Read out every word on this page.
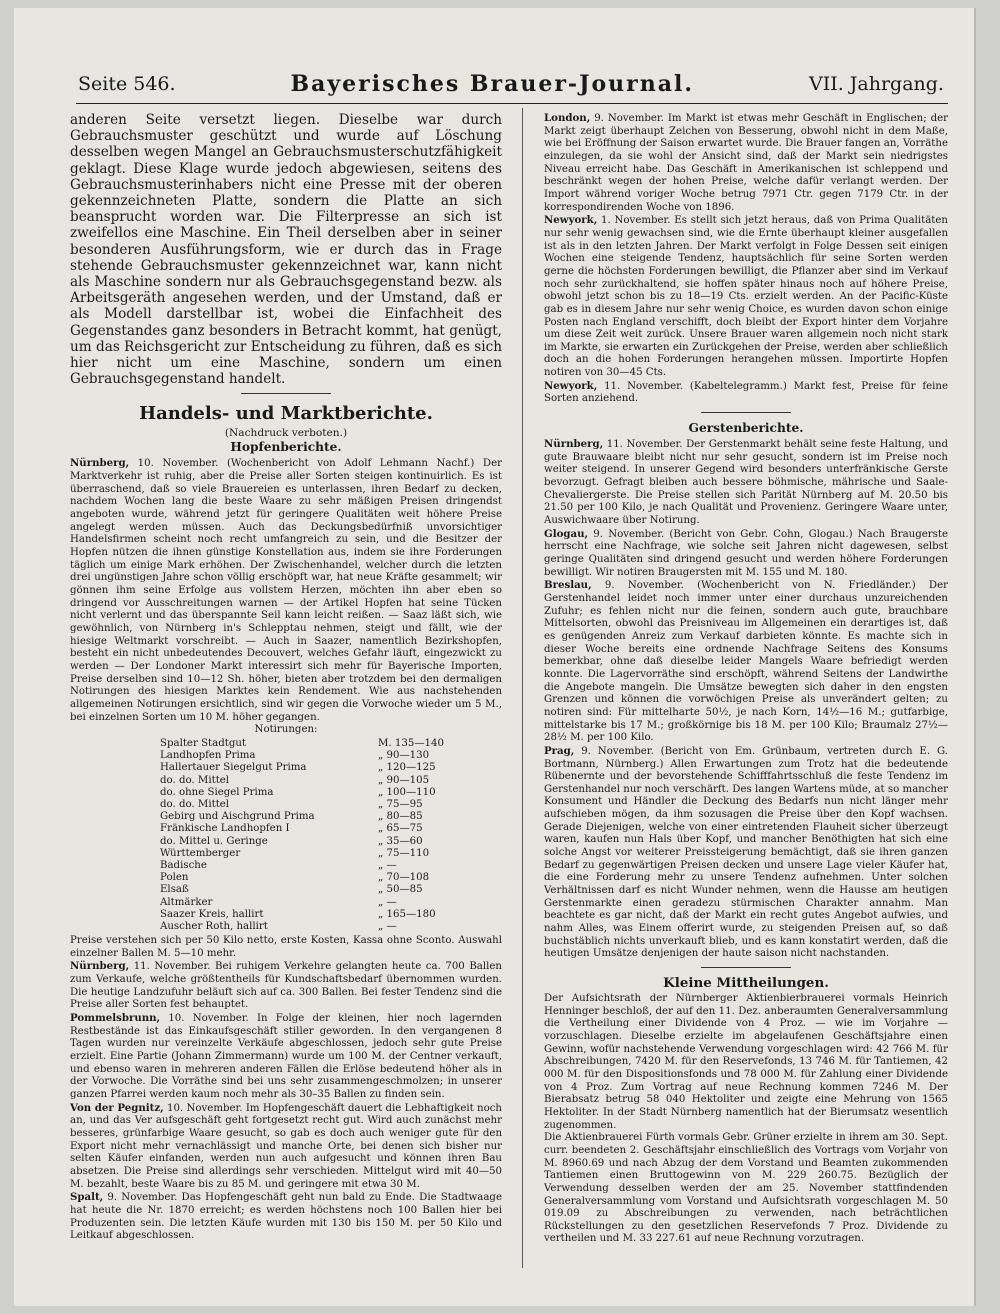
Seite 546.	Bayerisches Brauer-Journal.	VII. Jahrgang.

anderen Seite versetzt liegen. Dieselbe war durch Gebrauchsmuster geschützt und wurde auf Löschung desselben wegen Mangel an Gebrauchsmusterschutzfähigkeit geklagt. Diese Klage wurde jedoch abgewiesen, seitens des Gebrauchsmusterinhabers nicht eine Presse mit der oberen gekennzeichneten Platte, sondern die Platte an sich beansprucht worden war. Die Filterpresse an sich ist zweifellos eine Maschine. Ein Theil derselben aber in seiner besonderen Ausführungsform, wie er durch das in Frage stehende Gebrauchsmuster gekennzeichnet war, kann nicht als Maschine sondern nur als Gebrauchsgegenstand bezw. als Arbeitsgeräth angesehen werden, und der Umstand, daß er als Modell darstellbar ist, wobei die Einfachheit des Gegenstandes ganz besonders in Betracht kommt, hat genügt, um das Reichsgericht zur Entscheidung zu führen, daß es sich hier nicht um eine Maschine, sondern um einen Gebrauchsgegenstand handelt.

Handels- und Marktberichte.
(Nachdruck verboten.)
Hopfenberichte.

Nürnberg, 10. November. (Wochenbericht von Adolf Lehmann Nachf.) Der Marktverkehr ist ruhig, aber die Preise aller Sorten steigen kontinuirlich. Es ist überraschend, daß so viele Brauereien es unterlassen, ihren Bedarf zu decken, nachdem Wochen lang die beste Waare zu sehr mäßigen Preisen dringendst angeboten wurde, während jetzt für geringere Qualitäten weit höhere Preise angelegt werden müssen. Auch das Deckungsbedürfniß unvorsichtiger Handelsfirmen scheint noch recht umfangreich zu sein, und die Besitzer der Hopfen nützen die ihnen günstige Konstellation aus, indem sie ihre Forderungen täglich um einige Mark erhöhen. Der Zwischenhandel, welcher durch die letzten drei ungünstigen Jahre schon völlig erschöpft war, hat neue Kräfte gesammelt; wir gönnen ihm seine Erfolge aus vollstem Herzen, möchten ihn aber eben so dringend vor Ausschreitungen warnen — der Artikel Hopfen hat seine Tücken nicht verlernt und das überspannte Seil kann leicht reißen. — Saaz läßt sich, wie gewöhnlich, von Nürnberg in's Schlepptau nehmen, steigt und fällt, wie der hiesige Weltmarkt vorschreibt. — Auch in Saazer, namentlich Bezirkshopfen, besteht ein nicht unbedeutendes Decouvert, welches Gefahr läuft, eingezwickt zu werden — Der Londoner Markt interessirt sich mehr für Bayerische Importen, Preise derselben sind 10—12 Sh. höher, bieten aber trotzdem bei den dermaligen Notirungen des hiesigen Marktes kein Rendement. Wie aus nachstehenden allgemeinen Notirungen ersichtlich, sind wir gegen die Vorwoche wieder um 5 M., bei einzelnen Sorten um 10 M. höher gegangen.

Notirungen:
Spalter Stadtgut	M. 135—140
Landhopfen Prima	„ 90—130
Hallertauer Siegelgut Prima	„ 120—125
do. do. Mittel	„ 90—105
do. ohne Siegel Prima	„ 100—110
do. do. Mittel	„ 75—95
Gebirg und Aischgrund Prima	„ 80—85
Fränkische Landhopfen I	„ 65—75
do. Mittel u. Geringe	„ 35—60
Württemberger	„ 75—110
Badische	„ —
Polen	„ 70—108
Elsaß	„ 50—85
Altmärker	„ —
Saazer Kreis, hallirt	„ 165—180
Auscher Roth, hallirt	„ —

Preise verstehen sich per 50 Kilo netto, erste Kosten, Kassa ohne Sconto. Auswahl einzelner Ballen M. 5—10 mehr.

Nürnberg, 11. November. Bei ruhigem Verkehre gelangten heute ca. 700 Ballen zum Verkaufe, welche größtentheils für Kundschaftsbedarf übernommen wurden. Die heutige Landzufuhr beläuft sich auf ca. 300 Ballen. Bei fester Tendenz sind die Preise aller Sorten fest behauptet.

Pommelsbrunn, 10. November. In Folge der kleinen, hier noch lagernden Restbestände ist das Einkaufsgeschäft stiller geworden. In den vergangenen 8 Tagen wurden nur vereinzelte Verkäufe abgeschlossen, jedoch sehr gute Preise erzielt. Eine Partie (Johann Zimmermann) wurde um 100 M. der Centner verkauft, und ebenso waren in mehreren anderen Fällen die Erlöse bedeutend höher als in der Vorwoche. Die Vorräthe sind bei uns sehr zusammengeschmolzen; in unserer ganzen Pfarrei werden kaum noch mehr als 30–35 Ballen zu finden sein.

Von der Pegnitz, 10. November. Im Hopfengeschäft dauert die Lebhaftigkeit noch an, und das Ver aufsgeschäft geht fortgesetzt recht gut. Wird auch zunächst mehr besseres, grünfarbige Waare gesucht, so gab es doch auch weniger gute für den Export nicht mehr vernachlässigt und manche Orte, bei denen sich bisher nur selten Käufer einfanden, werden nun auch aufgesucht und können ihren Bau absetzen. Die Preise sind allerdings sehr verschieden. Mittelgut wird mit 40—50 M. bezahlt, beste Waare bis zu 85 M. und geringere mit etwa 30 M.

Spalt, 9. November. Das Hopfengeschäft geht nun bald zu Ende. Die Stadtwaage hat heute die Nr. 1870 erreicht; es werden höchstens noch 100 Ballen hier bei Produzenten sein. Die letzten Käufe wurden mit 130 bis 150 M. per 50 Kilo und Leitkauf abgeschlossen.

London, 9. November. Im Markt ist etwas mehr Geschäft in Englischen; der Markt zeigt überhaupt Zeichen von Besserung, obwohl nicht in dem Maße, wie bei Eröffnung der Saison erwartet wurde. Die Brauer fangen an, Vorräthe einzulegen, da sie wohl der Ansicht sind, daß der Markt sein niedrigstes Niveau erreicht habe. Das Geschäft in Amerikanischen ist schleppend und beschränkt wegen der hohen Preise, welche dafür verlangt werden. Der Import während voriger Woche betrug 7971 Ctr. gegen 7179 Ctr. in der korrespondirenden Woche von 1896.

Newyork, 1. November. Es stellt sich jetzt heraus, daß von Prima Qualitäten nur sehr wenig gewachsen sind, wie die Ernte überhaupt kleiner ausgefallen ist als in den letzten Jahren. Der Markt verfolgt in Folge Dessen seit einigen Wochen eine steigende Tendenz, hauptsächlich für seine Sorten werden gerne die höchsten Forderungen bewilligt, die Pflanzer aber sind im Verkauf noch sehr zurückhaltend, sie hoffen später hinaus noch auf höhere Preise, obwohl jetzt schon bis zu 18—19 Cts. erzielt werden. An der Pacific-Küste gab es in diesem Jahre nur sehr wenig Choice, es wurden davon schon einige Posten nach England verschifft, doch bleibt der Export hinter dem Vorjahre um diese Zeit weit zurück. Unsere Brauer waren allgemein noch nicht stark im Markte, sie erwarten ein Zurückgehen der Preise, werden aber schließlich doch an die hohen Forderungen herangehen müssen. Importirte Hopfen notiren von 30—45 Cts.

Newyork, 11. November. (Kabeltelegramm.) Markt fest, Preise für feine Sorten anziehend.

Gerstenberichte.

Nürnberg, 11. November. Der Gerstenmarkt behält seine feste Haltung, und gute Brauwaare bleibt nicht nur sehr gesucht, sondern ist im Preise noch weiter steigend. In unserer Gegend wird besonders unterfränkische Gerste bevorzugt. Gefragt bleiben auch bessere böhmische, mährische und Saale-Chevaliergerste. Die Preise stellen sich Parität Nürnberg auf M. 20.50 bis 21.50 per 100 Kilo, je nach Qualität und Provenienz. Geringere Waare unter, Auswichwaare über Notirung.

Glogau, 9. November. (Bericht von Gebr. Cohn, Glogau.) Nach Braugerste herrscht eine Nachfrage, wie solche seit Jahren nicht dagewesen, selbst geringe Qualitäten sind dringend gesucht und werden höhere Forderungen bewilligt. Wir notiren Braugersten mit M. 155 und M. 180.

Breslau, 9. November. (Wochenbericht von N. Friedländer.) Der Gerstenhandel leidet noch immer unter einer durchaus unzureichenden Zufuhr; es fehlen nicht nur die feinen, sondern auch gute, brauchbare Mittelsorten, obwohl das Preisniveau im Allgemeinen ein derartiges ist, daß es genügenden Anreiz zum Verkauf darbieten könnte. Es machte sich in dieser Woche bereits eine ordnende Nachfrage Seitens des Konsums bemerkbar, ohne daß dieselbe leider Mangels Waare befriedigt werden konnte. Die Lagervorräthe sind erschöpft, während Seitens der Landwirthe die Angebote mangeln. Die Umsätze bewegten sich daher in den engsten Grenzen und können die vorwöchigen Preise als unverändert gelten; zu notiren sind: Für mittelharte 50½, je nach Korn, 14½—16 M.; gutfarbige, mittelstarke bis 17 M.; großkörnige bis 18 M. per 100 Kilo; Braumalz 27½—28½ M. per 100 Kilo.

Prag, 9. November. (Bericht von Em. Grünbaum, vertreten durch E. G. Bortmann, Nürnberg.) Allen Erwartungen zum Trotz hat die bedeutende Rübenernte und der bevorstehende Schifffahrtsschluß die feste Tendenz im Gerstenhandel nur noch verschärft. Des langen Wartens müde, at so mancher Konsument und Händler die Deckung des Bedarfs nun nicht länger mehr aufschieben mögen, da ihm sozusagen die Preise über den Kopf wachsen. Gerade Diejenigen, welche von einer eintretenden Flauheit sicher überzeugt waren, kaufen nun Hals über Kopf, und mancher Benöthigten hat sich eine solche Angst vor weiterer Preissteigerung bemächtigt, daß sie ihren ganzen Bedarf zu gegenwärtigen Preisen decken und unsere Lage vieler Käufer hat, die eine Forderung mehr zu unsere Tendenz aufnehmen. Unter solchen Verhältnissen darf es nicht Wunder nehmen, wenn die Hausse am heutigen Gerstenmarkte einen geradezu stürmischen Charakter annahm. Man beachtete es gar nicht, daß der Markt ein recht gutes Angebot aufwies, und nahm Alles, was Einem offerirt wurde, zu steigenden Preisen auf, so daß buchstäblich nichts unverkauft blieb, und es kann konstatirt werden, daß die heutigen Umsätze denjenigen der haute saison nicht nachstanden.

Kleine Mittheilungen.

Der Aufsichtsrath der Nürnberger Aktienbierbrauerei vormals Heinrich Henninger beschloß, der auf den 11. Dez. anberaumten Generalversammlung die Vertheilung einer Dividende von 4 Proz. — wie im Vorjahre — vorzuschlagen. Dieselbe erzielte im abgelaufenen Geschäftsjahre einen Gewinn, wofür nachstehende Verwendung vorgeschlagen wird: 42 766 M. für Abschreibungen, 7420 M. für den Reservefonds, 13 746 M. für Tantiemen, 42 000 M. für den Dispositionsfonds und 78 000 M. für Zahlung einer Dividende von 4 Proz. Zum Vortrag auf neue Rechnung kommen 7246 M. Der Bierabsatz betrug 58 040 Hektoliter und zeigte eine Mehrung von 1565 Hektoliter. In der Stadt Nürnberg namentlich hat der Bierumsatz wesentlich zugenommen.

Die Aktienbrauerei Fürth vormals Gebr. Grüner erzielte in ihrem am 30. Sept. curr. beendeten 2. Geschäftsjahr einschließlich des Vortrags vom Vorjahr von M. 8960.69 und nach Abzug der dem Vorstand und Beamten zukommenden Tantiemen einen Bruttogewinn von M. 229 260.75. Bezüglich der Verwendung desselben werden der am 25. November stattfindenden Generalversammlung vom Vorstand und Aufsichtsrath vorgeschlagen M. 50 019.09 zu Abschreibungen zu verwenden, nach beträchtlichen Rückstellungen zu den gesetzlichen Reservefonds 7 Proz. Dividende zu vertheilen und M. 33 227.61 auf neue Rechnung vorzutragen.
